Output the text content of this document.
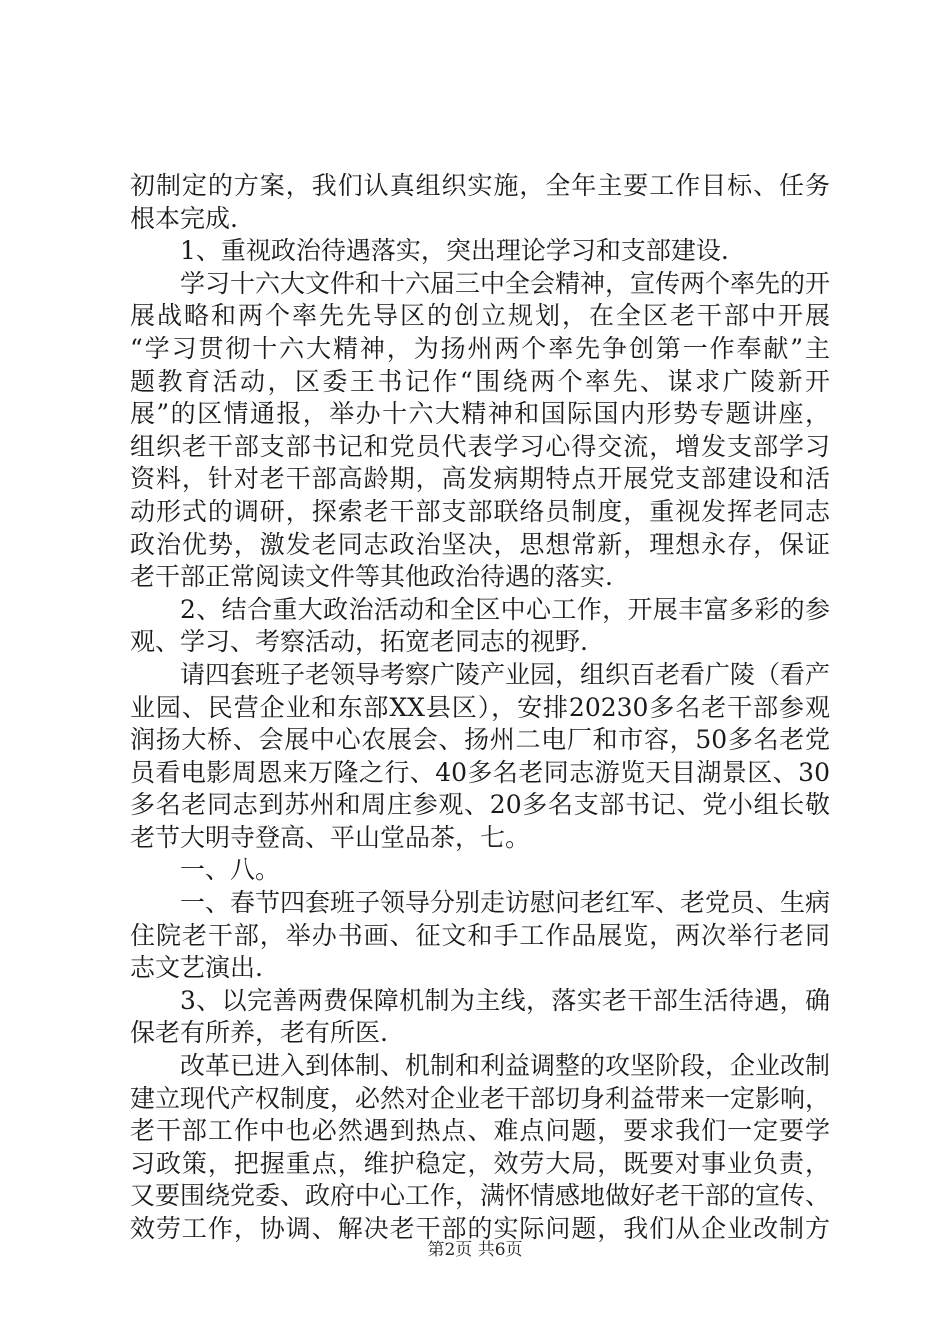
初制定的方案，我们认真组织实施，全年主要工作目标、任务
根本完成.
1、重视政治待遇落实，突出理论学习和支部建设.
学习十六大文件和十六届三中全会精神，宣传两个率先的开
展战略和两个率先先导区的创立规划，在全区老干部中开展
“学习贯彻十六大精神，为扬州两个率先争创第一作奉献”主
题教育活动，区委王书记作“围绕两个率先、谋求广陵新开
展”的区情通报，举办十六大精神和国际国内形势专题讲座，
组织老干部支部书记和党员代表学习心得交流，增发支部学习
资料，针对老干部高龄期，高发病期特点开展党支部建设和活
动形式的调研，探索老干部支部联络员制度，重视发挥老同志
政治优势，激发老同志政治坚决，思想常新，理想永存，保证
老干部正常阅读文件等其他政治待遇的落实.
2、结合重大政治活动和全区中心工作，开展丰富多彩的参
观、学习、考察活动，拓宽老同志的视野.
请四套班子老领导考察广陵产业园，组织百老看广陵（看产
业园、民营企业和东部XX县区），安排20230多名老干部参观
润扬大桥、会展中心农展会、扬州二电厂和市容，50多名老党
员看电影周恩来万隆之行、40多名老同志游览天目湖景区、30
多名老同志到苏州和周庄参观、20多名支部书记、党小组长敬
老节大明寺登高、平山堂品茶，七。
一、八。
一、春节四套班子领导分别走访慰问老红军、老党员、生病
住院老干部，举办书画、征文和手工作品展览，两次举行老同
志文艺演出.
3、以完善两费保障机制为主线，落实老干部生活待遇，确
保老有所养，老有所医.
改革已进入到体制、机制和利益调整的攻坚阶段，企业改制
建立现代产权制度，必然对企业老干部切身利益带来一定影响，
老干部工作中也必然遇到热点、难点问题，要求我们一定要学
习政策，把握重点，维护稳定，效劳大局，既要对事业负责，
又要围绕党委、政府中心工作，满怀情感地做好老干部的宣传、
效劳工作，协调、解决老干部的实际问题，我们从企业改制方
第2页 共6页
